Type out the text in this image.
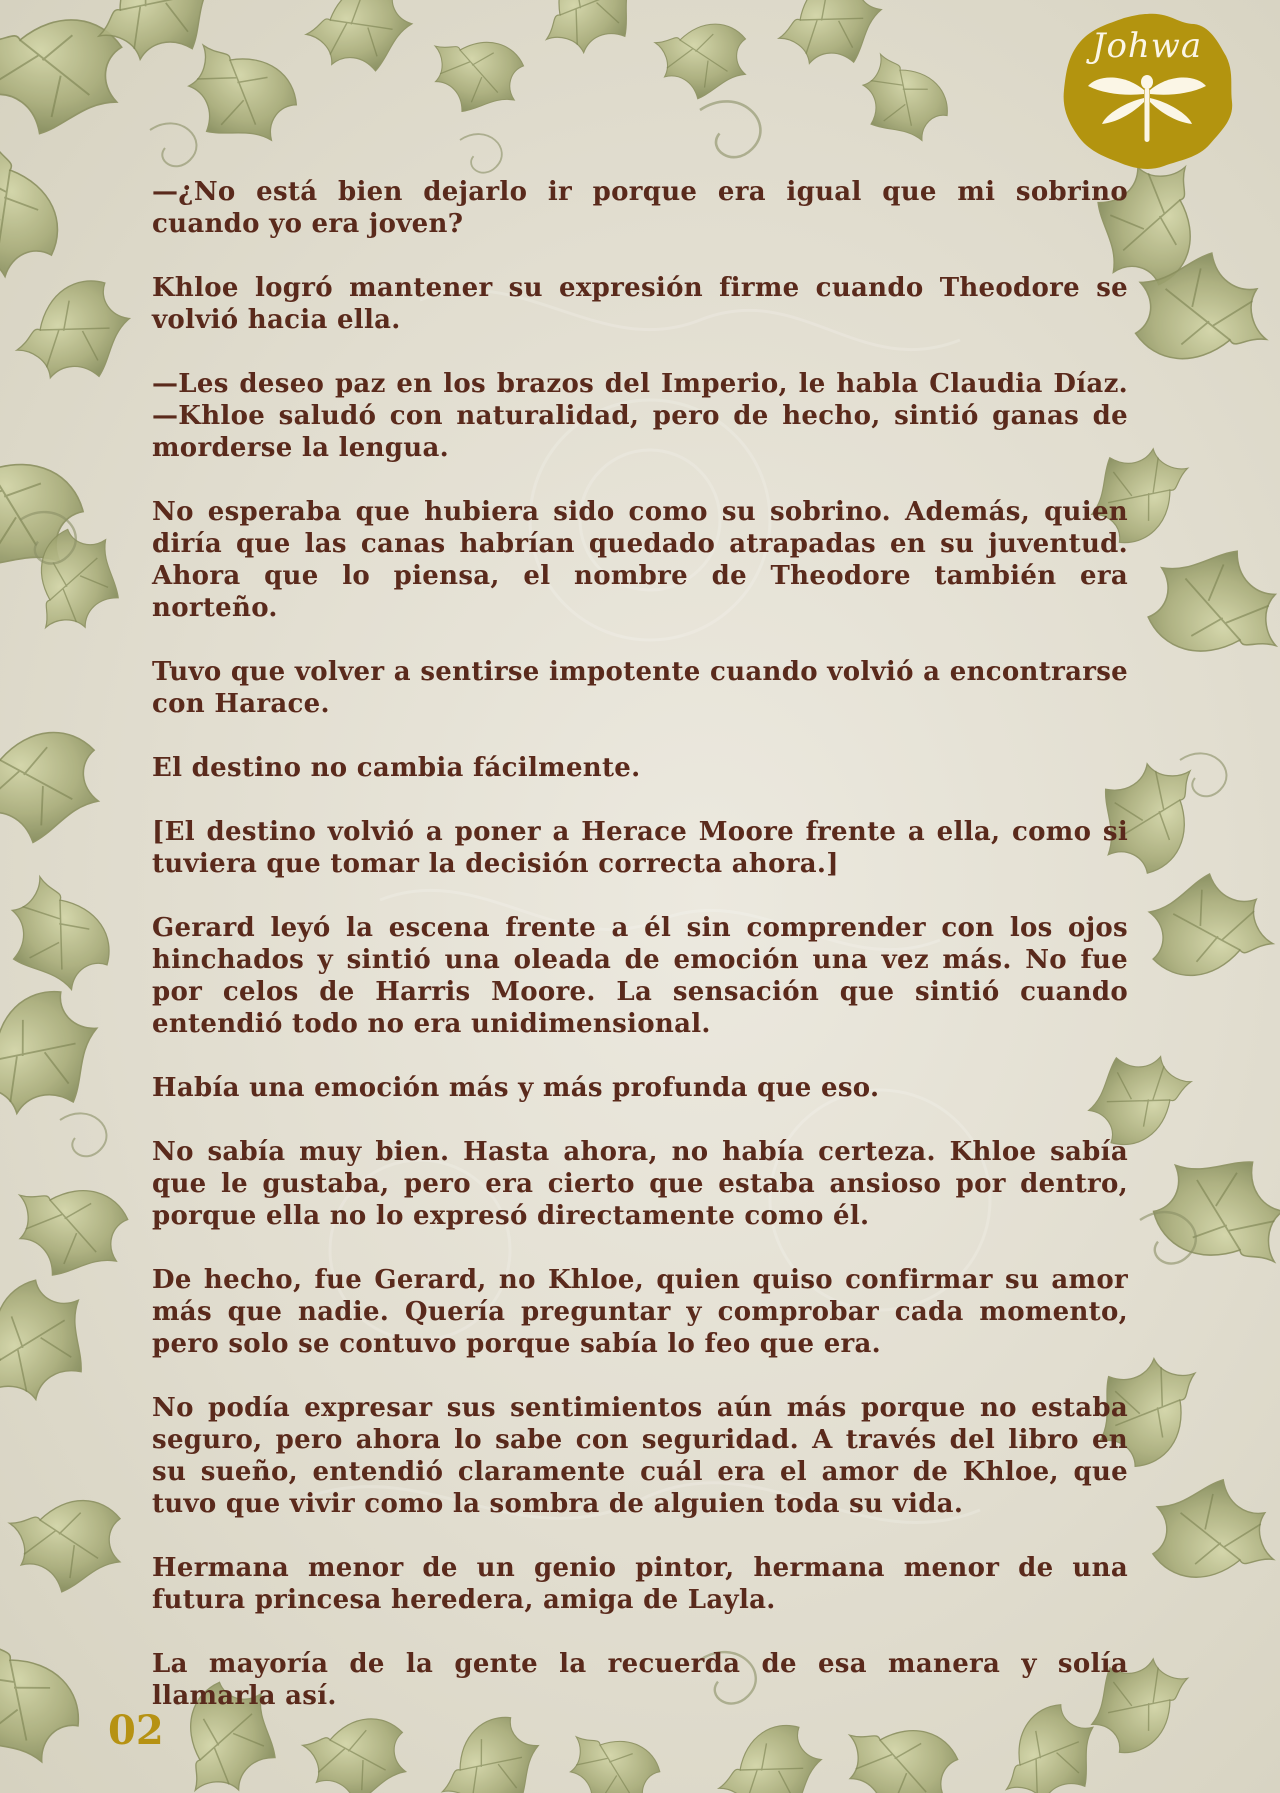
Johwa

—¿No está bien dejarlo ir porque era igual que mi sobrino cuando yo era joven?

Khloe logró mantener su expresión firme cuando Theodore se volvió hacia ella.

—Les deseo paz en los brazos del Imperio, le habla Claudia Díaz. —Khloe saludó con naturalidad, pero de hecho, sintió ganas de morderse la lengua.

No esperaba que hubiera sido como su sobrino. Además, quien diría que las canas habrían quedado atrapadas en su juventud. Ahora que lo piensa, el nombre de Theodore también era norteño.

Tuvo que volver a sentirse impotente cuando volvió a encontrarse con Harace.

El destino no cambia fácilmente.

[El destino volvió a poner a Herace Moore frente a ella, como si tuviera que tomar la decisión correcta ahora.]

Gerard leyó la escena frente a él sin comprender con los ojos hinchados y sintió una oleada de emoción una vez más. No fue por celos de Harris Moore. La sensación que sintió cuando entendió todo no era unidimensional.

Había una emoción más y más profunda que eso.

No sabía muy bien. Hasta ahora, no había certeza. Khloe sabía que le gustaba, pero era cierto que estaba ansioso por dentro, porque ella no lo expresó directamente como él.

De hecho, fue Gerard, no Khloe, quien quiso confirmar su amor más que nadie. Quería preguntar y comprobar cada momento, pero solo se contuvo porque sabía lo feo que era.

No podía expresar sus sentimientos aún más porque no estaba seguro, pero ahora lo sabe con seguridad. A través del libro en su sueño, entendió claramente cuál era el amor de Khloe, que tuvo que vivir como la sombra de alguien toda su vida.

Hermana menor de un genio pintor, hermana menor de una futura princesa heredera, amiga de Layla.

La mayoría de la gente la recuerda de esa manera y solía llamarla así.

02
